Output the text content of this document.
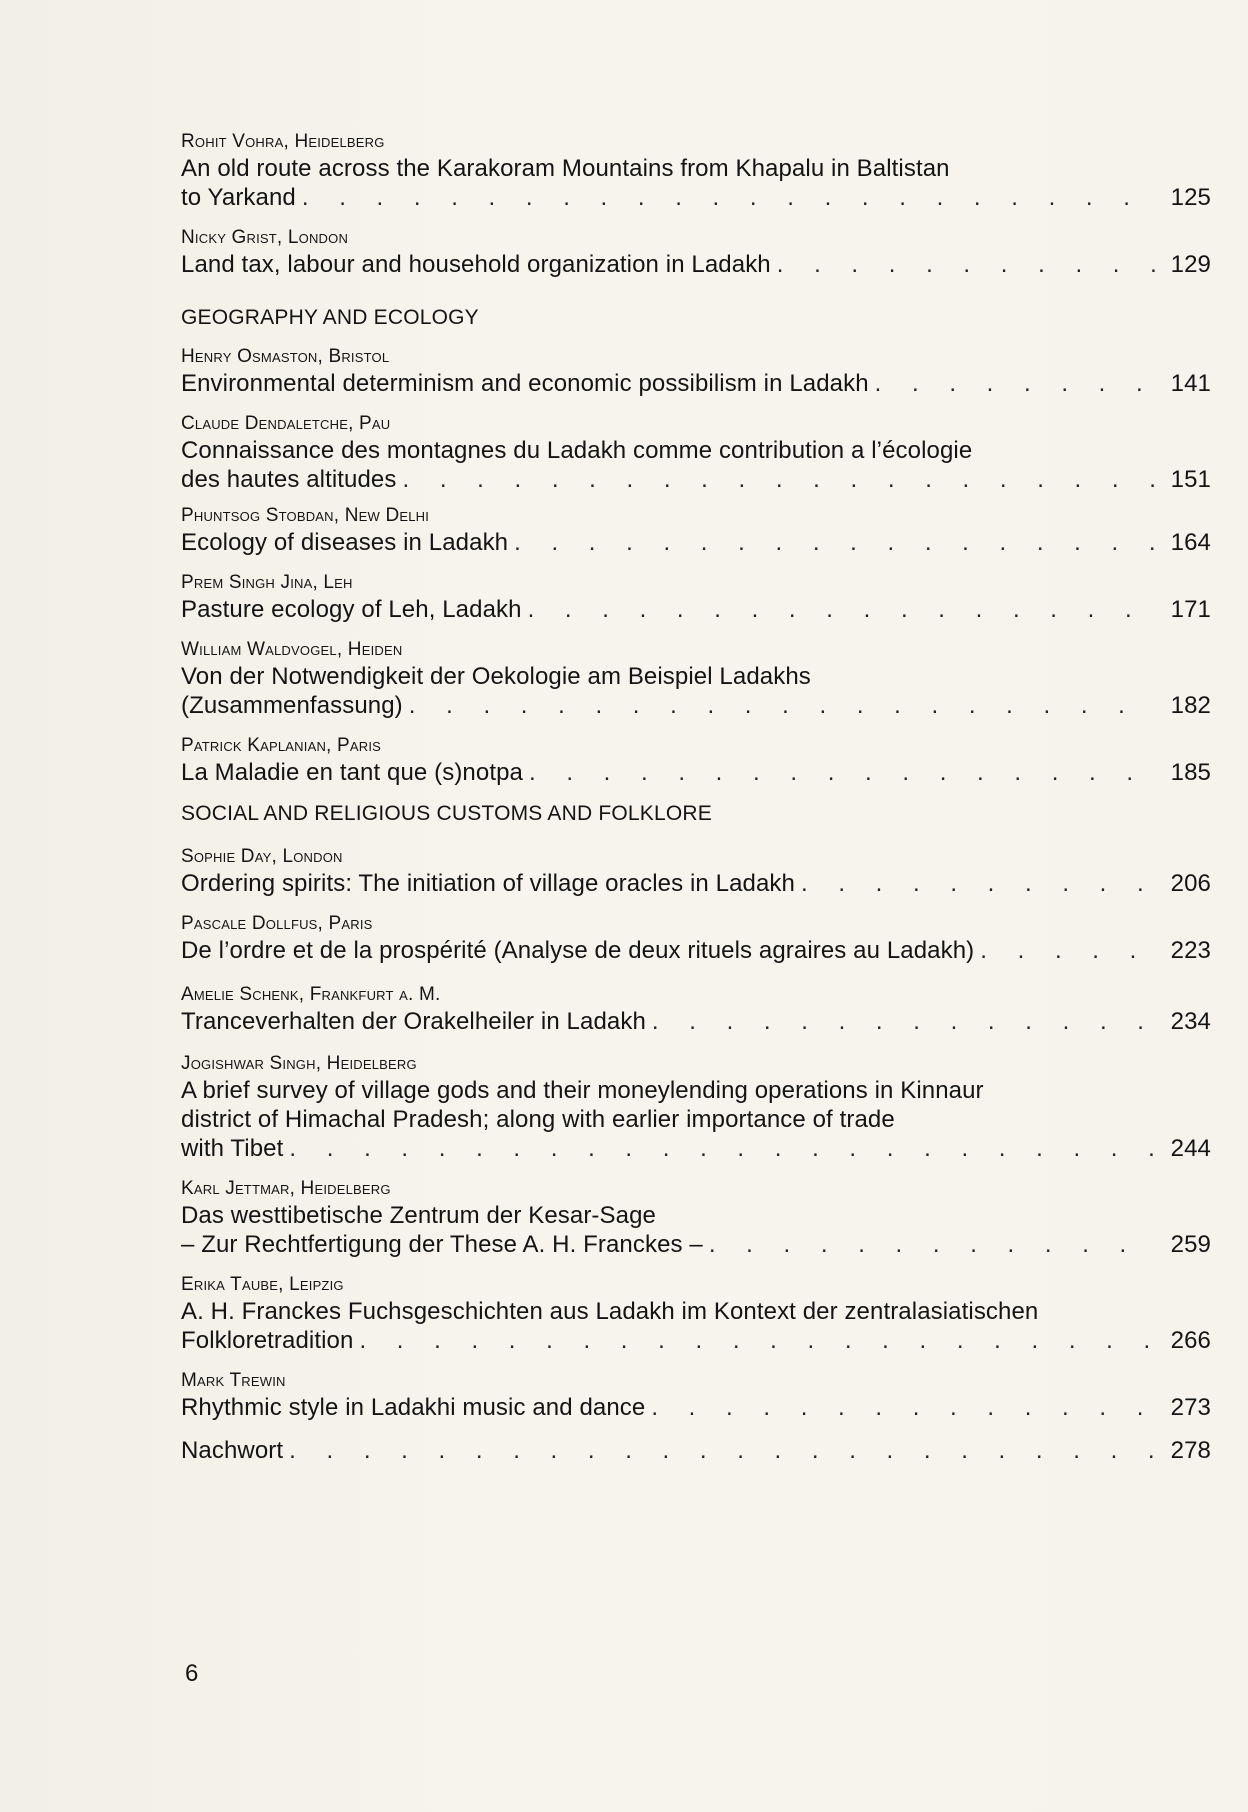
Rohit Vohra, Heidelberg
An old route across the Karakoram Mountains from Khapalu in Baltistan
to Yarkand . . .	125
Nicky Grist, London
Land tax, labour and household organization in Ladakh . . .	129
GEOGRAPHY AND ECOLOGY
Henry Osmaston, Bristol
Environmental determinism and economic possibilism in Ladakh . . .	141
Claude Dendaletche, Pau
Connaissance des montagnes du Ladakh comme contribution a l’écologie
des hautes altitudes . . .	151
Phuntsog Stobdan, New Delhi
Ecology of diseases in Ladakh . . .	164
Prem Singh Jina, Leh
Pasture ecology of Leh, Ladakh . . .	171
William Waldvogel, Heiden
Von der Notwendigkeit der Oekologie am Beispiel Ladakhs
(Zusammenfassung) . . .	182
Patrick Kaplanian, Paris
La Maladie en tant que (s)notpa . . .	185
SOCIAL AND RELIGIOUS CUSTOMS AND FOLKLORE
Sophie Day, London
Ordering spirits: The initiation of village oracles in Ladakh . . .	206
Pascale Dollfus, Paris
De l’ordre et de la prospérité (Analyse de deux rituels agraires au Ladakh) . . .	223
Amelie Schenk, Frankfurt a. M.
Tranceverhalten der Orakelheiler in Ladakh . . .	234
Jogishwar Singh, Heidelberg
A brief survey of village gods and their moneylending operations in Kinnaur
district of Himachal Pradesh; along with earlier importance of trade
with Tibet . . .	244
Karl Jettmar, Heidelberg
Das westtibetische Zentrum der Kesar-Sage
– Zur Rechtfertigung der These A. H. Franckes – . . .	259
Erika Taube, Leipzig
A. H. Franckes Fuchsgeschichten aus Ladakh im Kontext der zentralasiatischen
Folkloretradition . . .	266
Mark Trewin
Rhythmic style in Ladakhi music and dance . . .	273
Nachwort . . .	278
6
